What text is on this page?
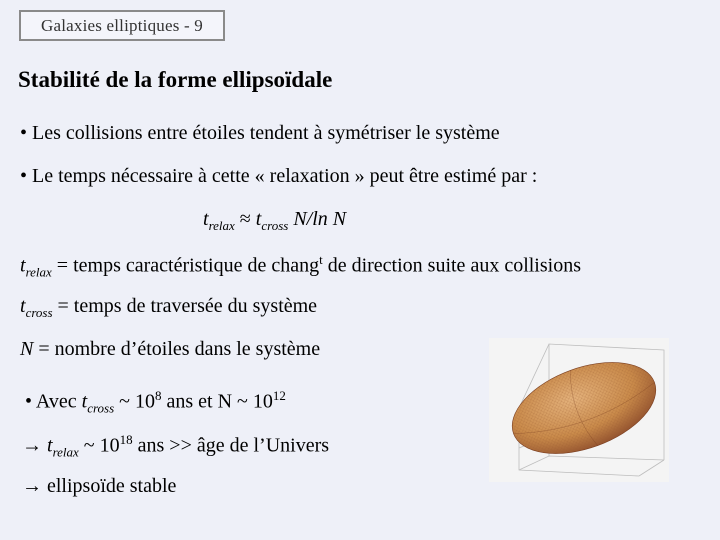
Galaxies elliptiques - 9
Stabilité de la forme ellipsoïdale
• Les collisions entre étoiles tendent à symétriser le système
• Le temps nécessaire à cette « relaxation » peut être estimé par :
$t_{relax} \approx t_{cross}$ N/ln N
$t_{relax}$ = temps caractéristique de chang$^t$ de direction suite aux collisions
$t_{cross}$ = temps de traversée du système
N = nombre d’étoiles dans le système
• Avec $t_{cross}$ ~ $10^8$ ans et N ~ $10^{12}$
→ $t_{relax}$ ~ $10^{18}$ ans >> âge de l’Univers
→ ellipsoïde stable
